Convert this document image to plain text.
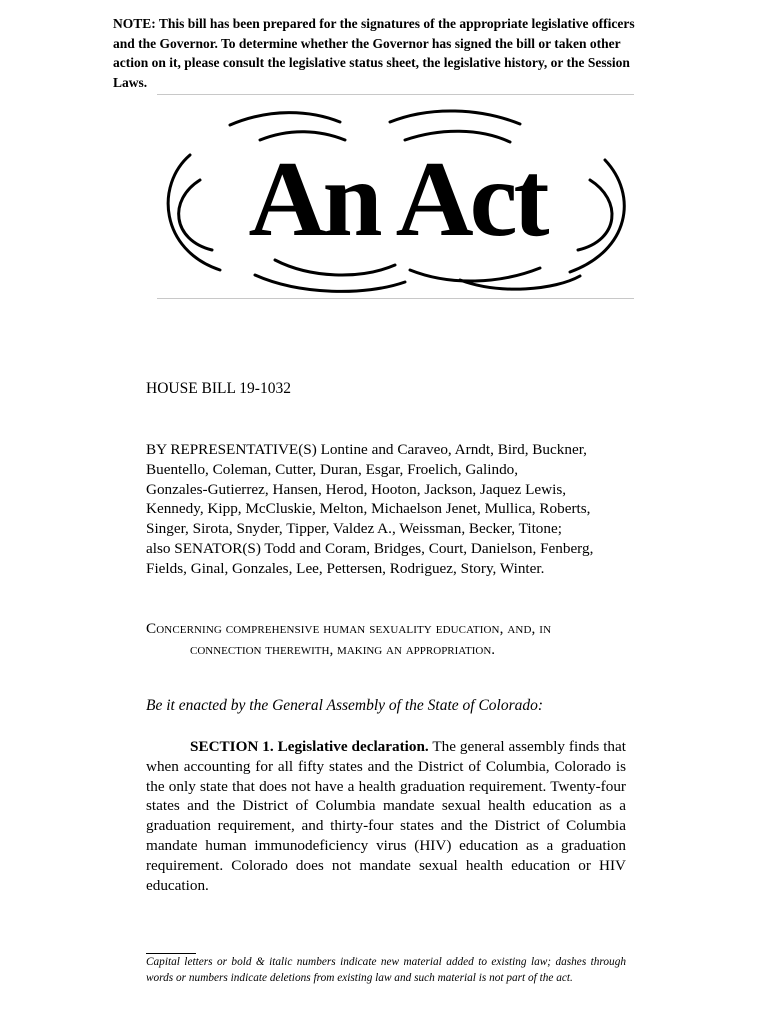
NOTE: This bill has been prepared for the signatures of the appropriate legislative officers and the Governor. To determine whether the Governor has signed the bill or taken other action on it, please consult the legislative status sheet, the legislative history, or the Session Laws.
An Act
HOUSE BILL 19-1032

BY REPRESENTATIVE(S) Lontine and Caraveo, Arndt, Bird, Buckner,

Buentello, Coleman, Cutter, Duran, Esgar, Froelich, Galindo,

Gonzales-Gutierrez, Hansen, Herod, Hooton, Jackson, Jaquez Lewis,

Kennedy, Kipp, McCluskie, Melton, Michaelson Jenet, Mullica, Roberts,

Singer, Sirota, Snyder, Tipper, Valdez A., Weissman, Becker, Titone;

also SENATOR(S) Todd and Coram, Bridges, Court, Danielson, Fenberg,

Fields, Ginal, Gonzales, Lee, Pettersen, Rodriguez, Story, Winter.

Concerning comprehensive human sexuality education, and, in
connection therewith, making an appropriation.
Be it enacted by the General Assembly of the State of Colorado:
SECTION 1. Legislative declaration. The general assembly finds that when accounting for all fifty states and the District of Columbia, Colorado is the only state that does not have a health graduation requirement. Twenty-four states and the District of Columbia mandate sexual health education as a graduation requirement, and thirty-four states and the District of Columbia mandate human immunodeficiency virus (HIV) education as a graduation requirement. Colorado does not mandate sexual health education or HIV education.
Capital letters or bold & italic numbers indicate new material added to existing law; dashes through words or numbers indicate deletions from existing law and such material is not part of the act.
